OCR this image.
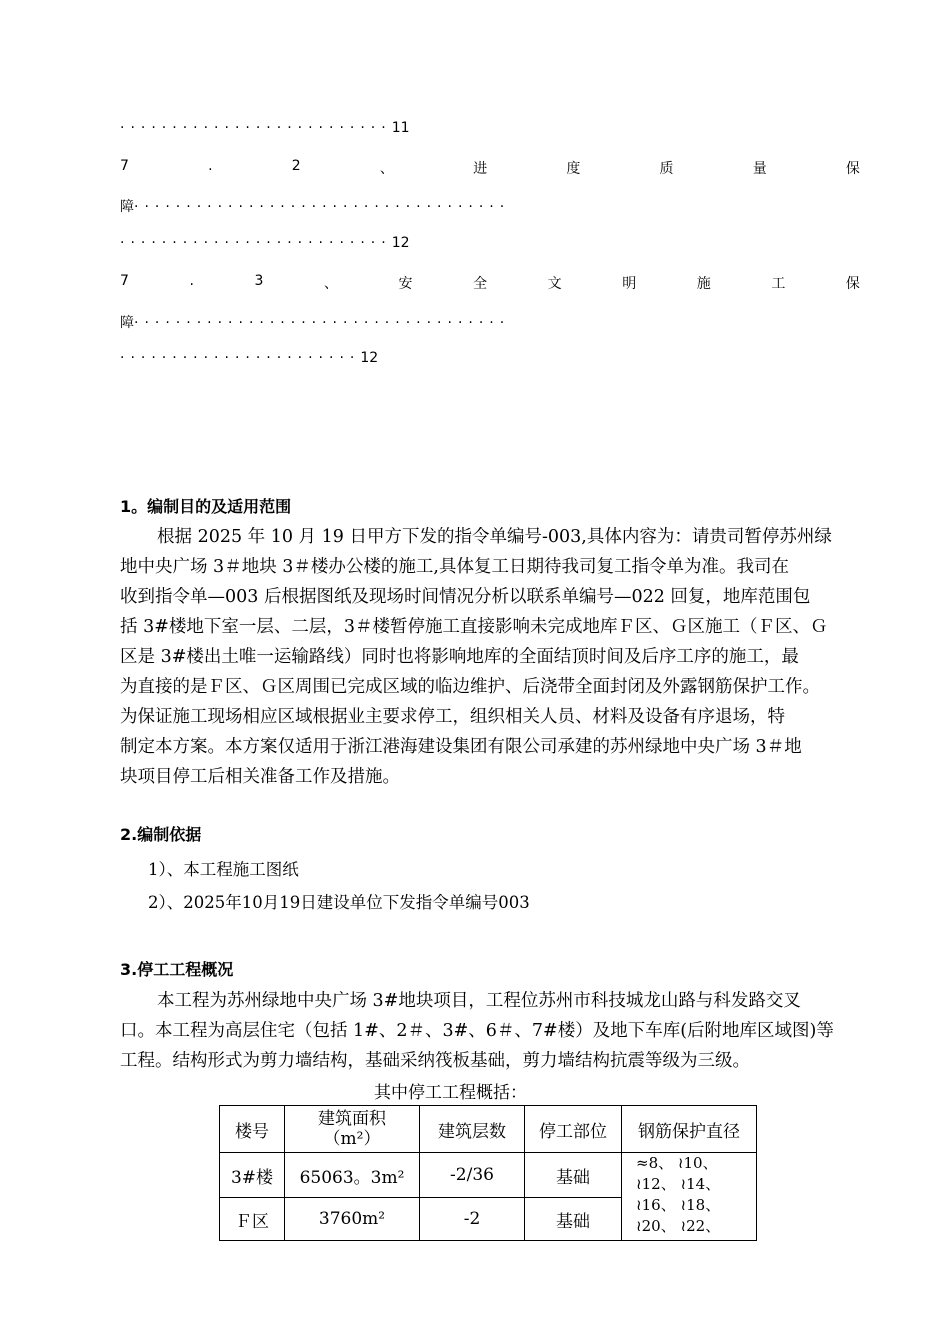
··························11
7	.	2	、	进	度	质	量	保
障····································
··························12
7	.	3	、	安	全	文	明	施	工	保
障····································
·······················12
1。编制目的及适用范围

根据 2025 年 10 月 19 日甲方下发的指令单编号-003,具体内容为：请贵司暂停苏州绿

地中央广场 3＃地块 3＃楼办公楼的施工,具体复工日期待我司复工指令单为准。我司在

收到指令单—003 后根据图纸及现场时间情况分析以联系单编号—022 回复，地库范围包

括 3#楼地下室一层、二层，3＃楼暂停施工直接影响未完成地库Ｆ区、Ｇ区施工（Ｆ区、Ｇ

区是 3#楼出土唯一运输路线）同时也将影响地库的全面结顶时间及后序工序的施工，最

为直接的是Ｆ区、Ｇ区周围已完成区域的临边维护、后浇带全面封闭及外露钢筋保护工作。

为保证施工现场相应区域根据业主要求停工，组织相关人员、材料及设备有序退场，特

制定本方案。本方案仅适用于浙江港海建设集团有限公司承建的苏州绿地中央广场 3＃地

块项目停工后相关准备工作及措施。

2.编制依据
1）、本工程施工图纸
2）、2025年10月19日建设单位下发指令单编号003
3.停工工程概况

本工程为苏州绿地中央广场 3#地块项目，工程位苏州市科技城龙山路与科发路交叉

口。本工程为高层住宅（包括 1#、2＃、3#、6＃、7#楼）及地下车库(后附地库区域图)等

工程。结构形式为剪力墙结构，基础采纳筏板基础，剪力墙结构抗震等级为三级。

其中停工工程概括：
楼号	建筑面积
（m²）	建筑层数	停工部位	钢筋保护直径
3#楼	65063。3m²	-2/36	基础	≈8、 ≀10、
≀12、 ≀14、
≀16、 ≀18、
≀20、 ≀22、

Ｆ区	3760m²	-2	基础	
